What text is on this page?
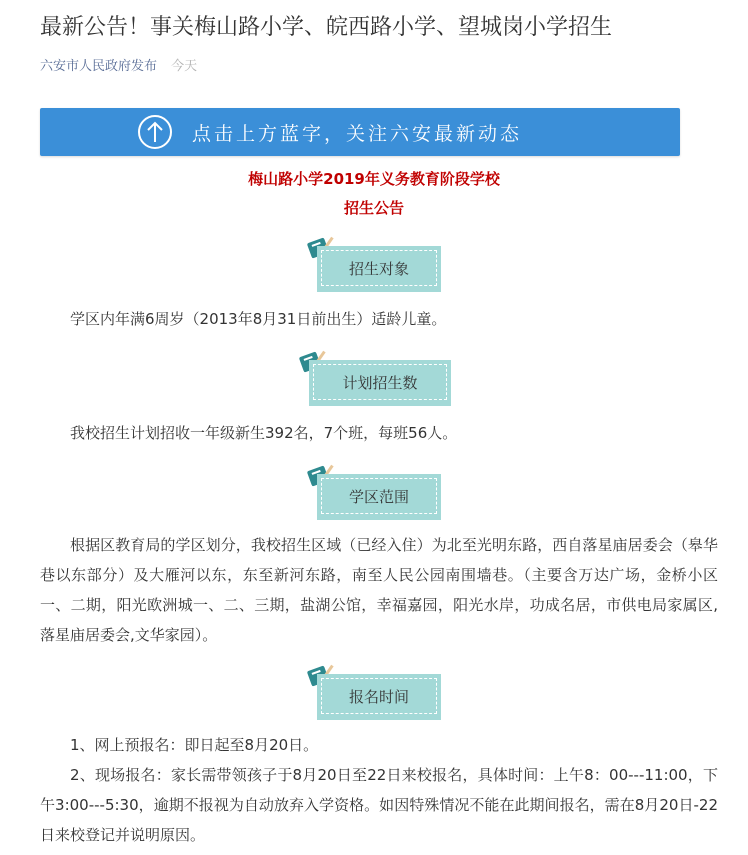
最新公告！事关梅山路小学、皖西路小学、望城岗小学招生
六安市人民政府发布 今天
点击上方蓝字，关注六安最新动态
梅山路小学2019年义务教育阶段学校
招生公告
招生对象

学区内年满6周岁（2013年8月31日前出生）适龄儿童。

计划招生数

我校招生计划招收一年级新生392名，7个班，每班56人。

学区范围

根据区教育局的学区划分，我校招生区域（已经入住）为北至光明东路，西自落星庙居委会（皋华巷以东部分）及大雁河以东，东至新河东路，南至人民公园南围墙巷。（主要含万达广场，金桥小区一、二期，阳光欧洲城一、二、三期，盐湖公馆，幸福嘉园，阳光水岸，功成名居，市供电局家属区,落星庙居委会,文华家园）。

报名时间

1、网上预报名：即日起至8月20日。

2、现场报名：家长需带领孩子于8月20日至22日来校报名，具体时间：上午8：00---11:00，下午3:00---5:30，逾期不报视为自动放弃入学资格。如因特殊情况不能在此期间报名，需在8月20日-22日来校登记并说明原因。
